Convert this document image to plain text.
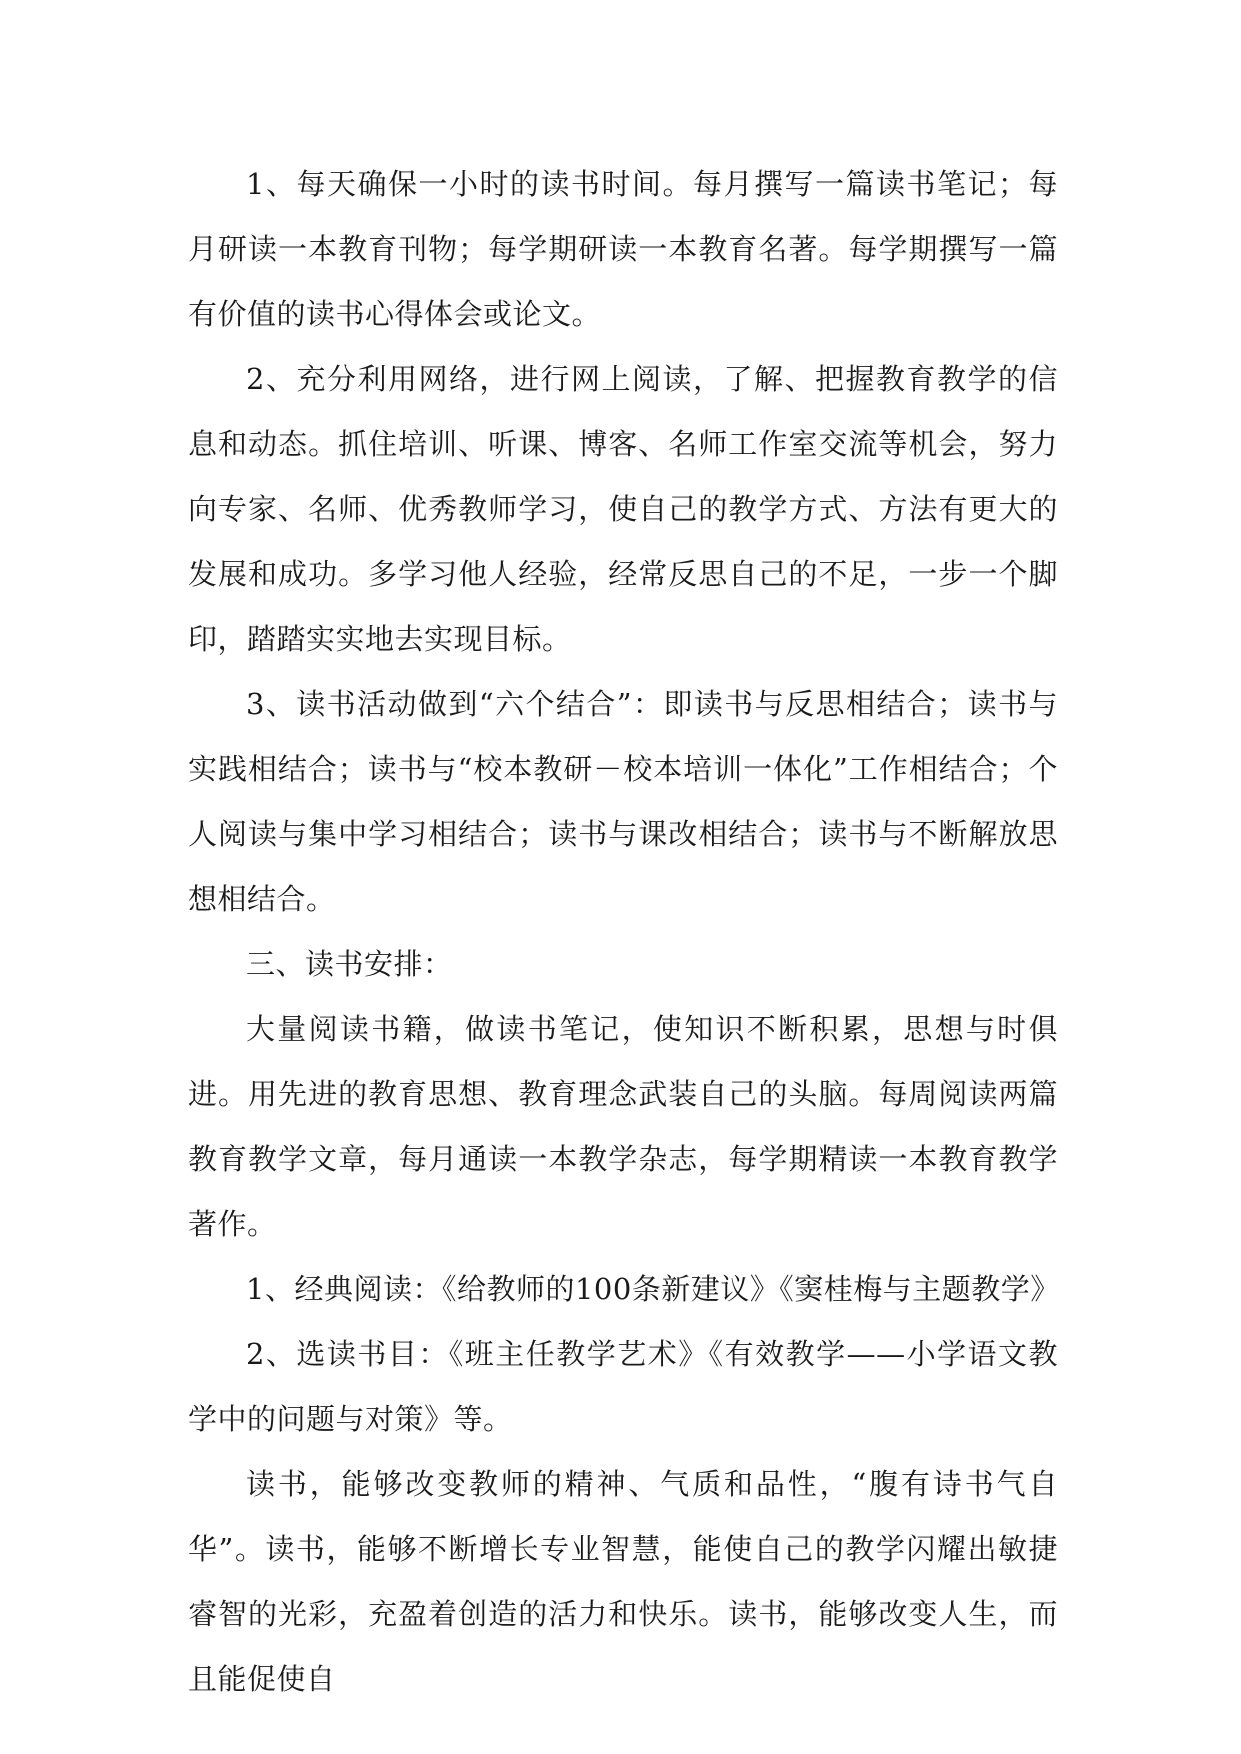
1、每天确保一小时的读书时间。每月撰写一篇读书笔记；每月研读一本教育刊物；每学期研读一本教育名著。每学期撰写一篇有价值的读书心得体会或论文。

2、充分利用网络，进行网上阅读，了解、把握教育教学的信息和动态。抓住培训、听课、博客、名师工作室交流等机会，努力向专家、名师、优秀教师学习，使自己的教学方式、方法有更大的发展和成功。多学习他人经验，经常反思自己的不足，一步一个脚印，踏踏实实地去实现目标。

3、读书活动做到“六个结合”：即读书与反思相结合；读书与实践相结合；读书与“校本教研－校本培训一体化”工作相结合；个人阅读与集中学习相结合；读书与课改相结合；读书与不断解放思想相结合。

三、读书安排：

大量阅读书籍，做读书笔记，使知识不断积累，思想与时俱进。用先进的教育思想、教育理念武装自己的头脑。每周阅读两篇教育教学文章，每月通读一本教学杂志，每学期精读一本教育教学著作。

1、经典阅读：《给教师的100条新建议》《窦桂梅与主题教学》

2、选读书目：《班主任教学艺术》《有效教学——小学语文教学中的问题与对策》等。

读书，能够改变教师的精神、气质和品性，“腹有诗书气自华”。读书，能够不断增长专业智慧，能使自己的教学闪耀出敏捷睿智的光彩，充盈着创造的活力和快乐。读书，能够改变人生，而且能促使自
